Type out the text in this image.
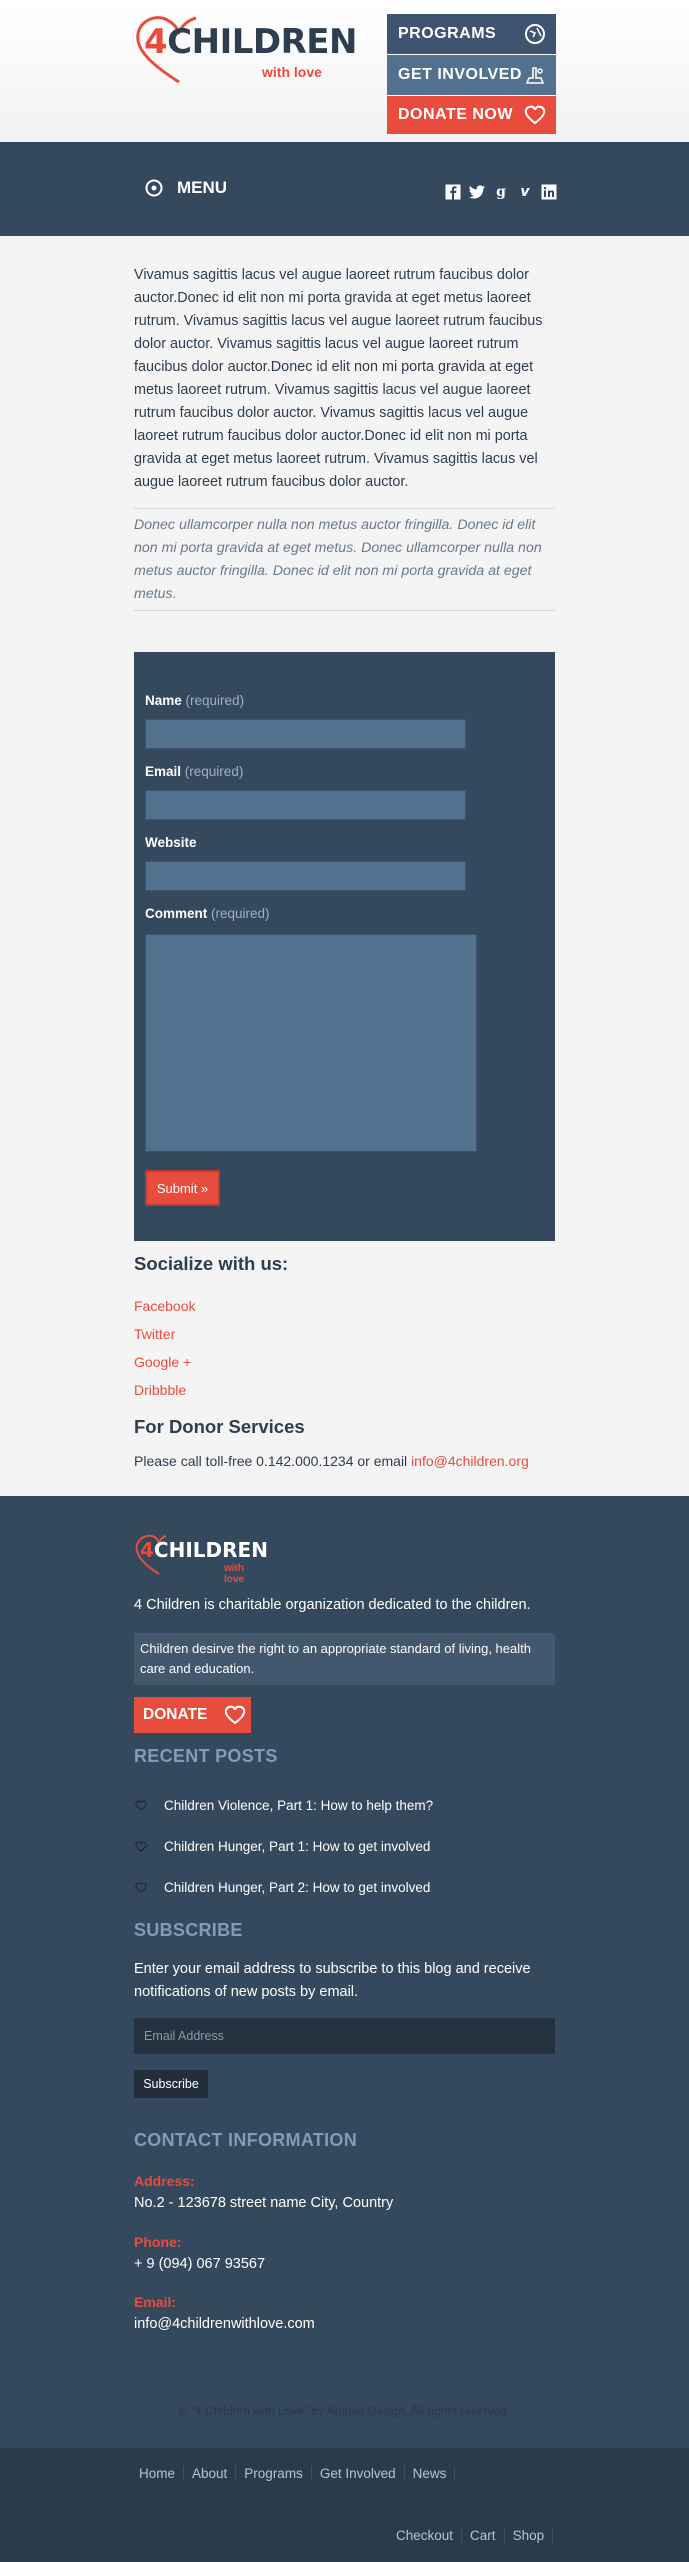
4CHILDREN
with love
PROGRAMS
GET INVOLVED
DONATE NOW
MENU	g v

Vivamus sagittis lacus vel augue laoreet rutrum faucibus dolor auctor.Donec id elit non mi porta gravida at eget metus laoreet rutrum. Vivamus sagittis lacus vel augue laoreet rutrum faucibus dolor auctor. Vivamus sagittis lacus vel augue laoreet rutrum faucibus dolor auctor.Donec id elit non mi porta gravida at eget metus laoreet rutrum. Vivamus sagittis lacus vel augue laoreet rutrum faucibus dolor auctor. Vivamus sagittis lacus vel augue laoreet rutrum faucibus dolor auctor.Donec id elit non mi porta gravida at eget metus laoreet rutrum. Vivamus sagittis lacus vel augue laoreet rutrum faucibus dolor auctor.

Donec ullamcorper nulla non metus auctor fringilla. Donec id elit non mi porta gravida at eget metus. Donec ullamcorper nulla non metus auctor fringilla. Donec id elit non mi porta gravida at eget metus.

Name (required)
Email (required)
Website
Comment (required)
Submit »
Socialize with us:
Facebook
Twitter
Google +
Dribbble
For Donor Services
Please call toll-free 0.142.000.1234 or email info@4children.org
4CHILDREN
with love
4 Children is charitable organization dedicated to the children.
Children desirve the right to an appropriate standard of living, health care and education.
DONATE
RECENT POSTS
Children Violence, Part 1: How to help them?
Children Hunger, Part 1: How to get involved
Children Hunger, Part 2: How to get involved
SUBSCRIBE
Enter your email address to subscribe to this blog and receive notifications of new posts by email.
Email Address
Subscribe
CONTACT INFORMATION
Address:
No.2 - 123678 street name City, Country
Phone:
+ 9 (094) 067 93567
Email:
info@4childrenwithlove.com
© "4 Children with Love" by Anariel Design. All rights reserved.
Home	About	Programs	Get Involved	News
Checkout	Cart	Shop
